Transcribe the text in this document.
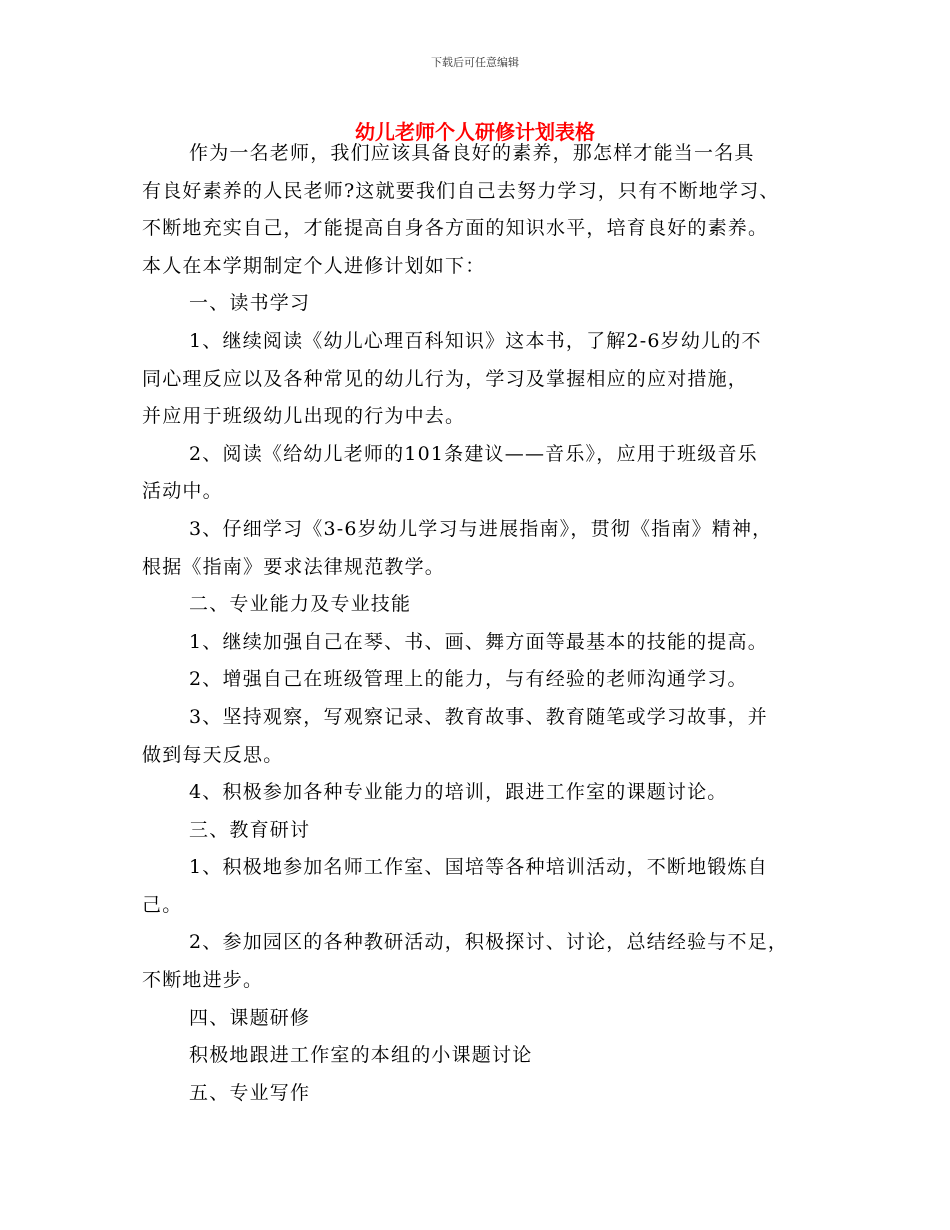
下载后可任意编辑
幼儿老师个人研修计划表格
作为一名老师，我们应该具备良好的素养，那怎样才能当一名具
有良好素养的人民老师?这就要我们自己去努力学习，只有不断地学习、
不断地充实自己，才能提高自身各方面的知识水平，培育良好的素养。
本人在本学期制定个人进修计划如下：
一、读书学习
1、继续阅读《幼儿心理百科知识》这本书，了解2-6岁幼儿的不
同心理反应以及各种常见的幼儿行为，学习及掌握相应的应对措施，
并应用于班级幼儿出现的行为中去。
2、阅读《给幼儿老师的101条建议——音乐》，应用于班级音乐
活动中。
3、仔细学习《3-6岁幼儿学习与进展指南》，贯彻《指南》精神，
根据《指南》要求法律规范教学。
二、专业能力及专业技能
1、继续加强自己在琴、书、画、舞方面等最基本的技能的提高。
2、增强自己在班级管理上的能力，与有经验的老师沟通学习。
3、坚持观察，写观察记录、教育故事、教育随笔或学习故事，并
做到每天反思。
4、积极参加各种专业能力的培训，跟进工作室的课题讨论。
三、教育研讨
1、积极地参加名师工作室、国培等各种培训活动，不断地锻炼自
己。
2、参加园区的各种教研活动，积极探讨、讨论，总结经验与不足，
不断地进步。
四、课题研修
积极地跟进工作室的本组的小课题讨论
五、专业写作
